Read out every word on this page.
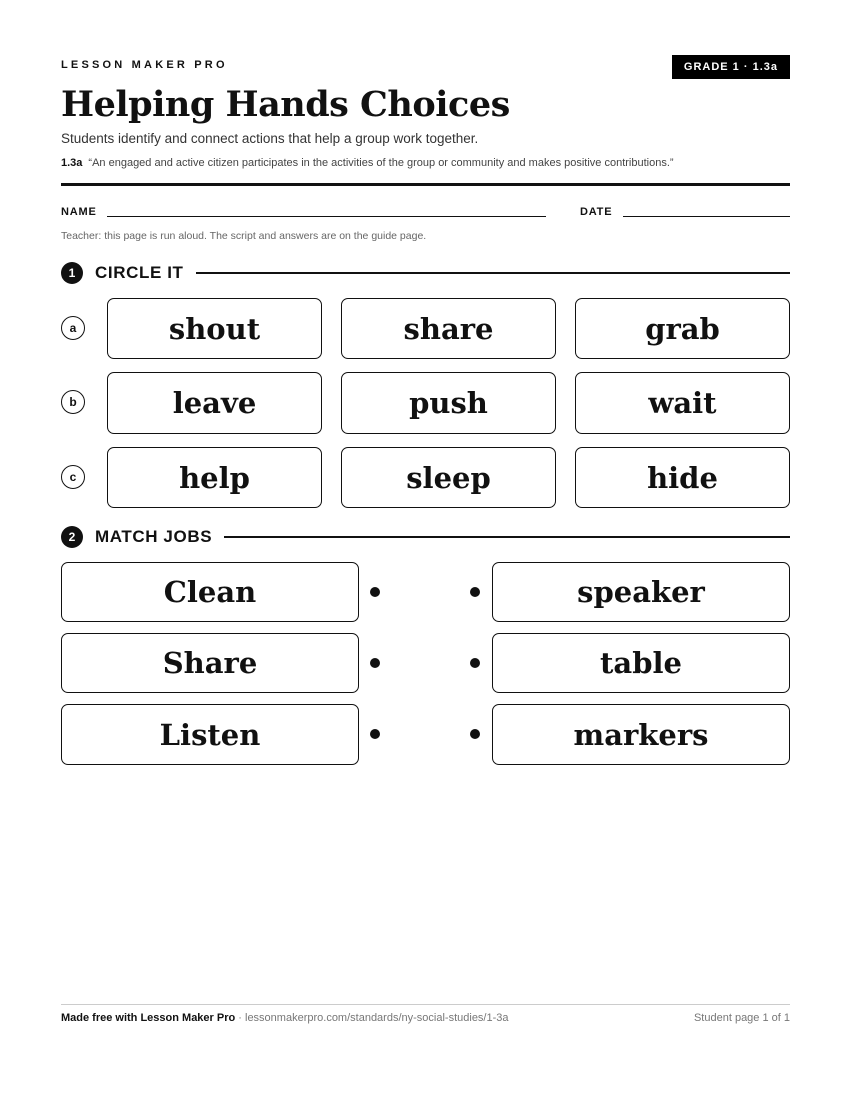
LESSON MAKER PRO	GRADE 1 · 1.3a
Helping Hands Choices
Students identify and connect actions that help a group work together.
1.3a “An engaged and active citizen participates in the activities of the group or community and makes positive contributions.”
NAME	DATE
Teacher: this page is run aloud. The script and answers are on the guide page.
1	CIRCLE IT
a	shout	share	grab
b	leave	push	wait
c	help	sleep	hide
2	MATCH JOBS
Clean	speaker
Share	table
Listen	markers
Made free with Lesson Maker Pro · lessonmakerpro.com/standards/ny-social-studies/1-3a	Student page 1 of 1
